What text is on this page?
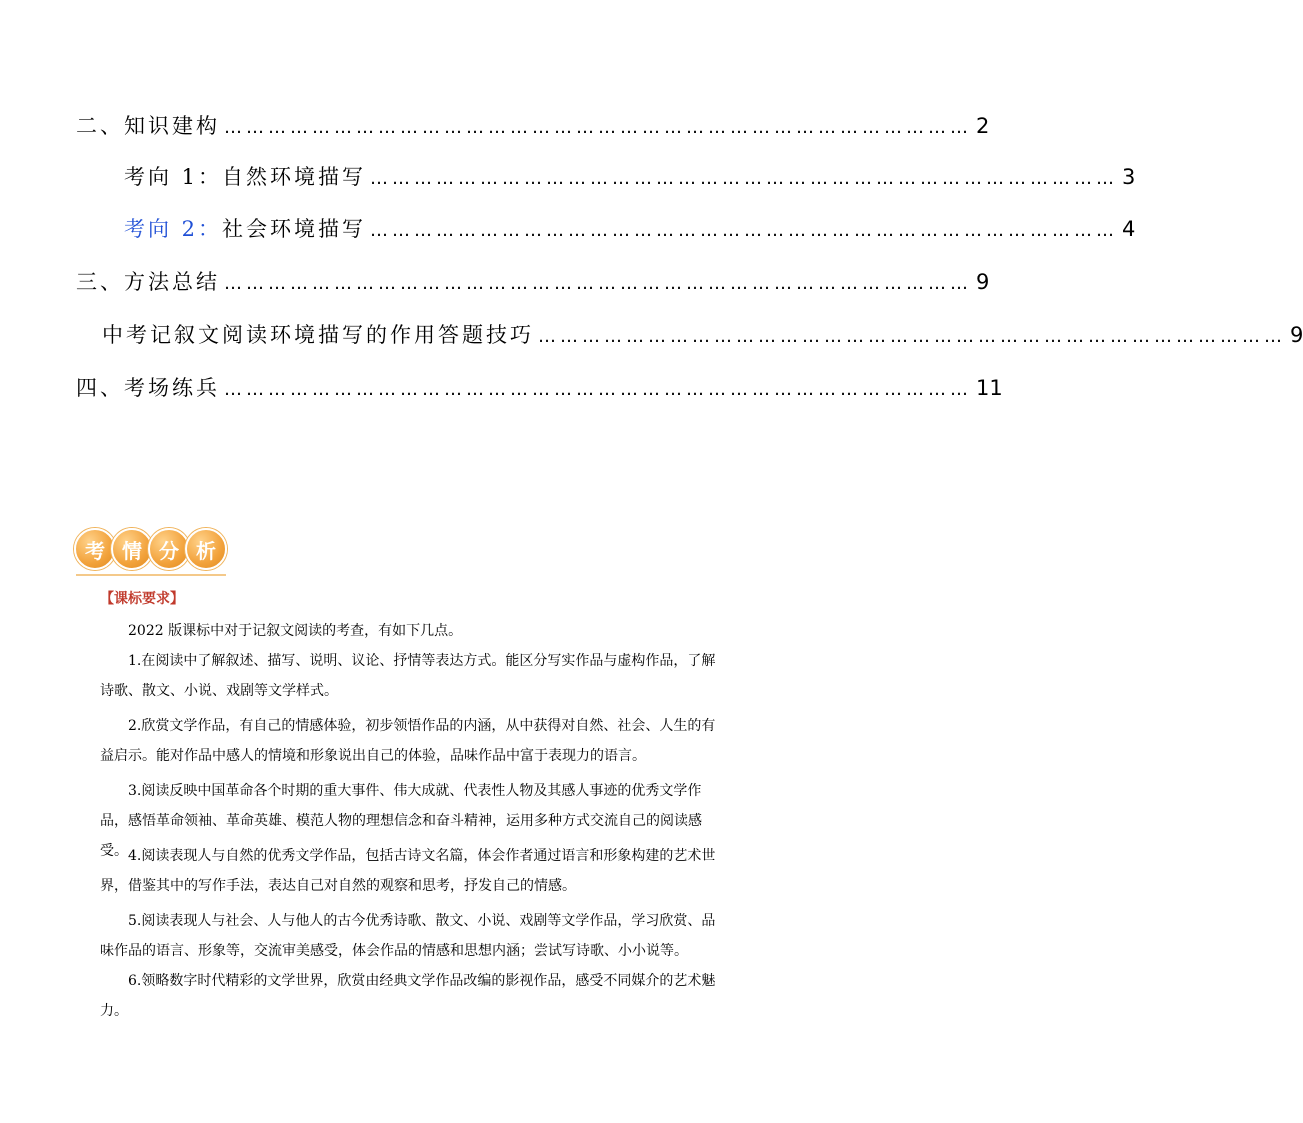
二、知识建构 ………………………………………………………………………………………… 2
考向 1：自然环境描写 ………………………………………………………………………………………… 3
考向 2：社会环境描写 ………………………………………………………………………………………… 4
三、方法总结 ………………………………………………………………………………………… 9
中考记叙文阅读环境描写的作用答题技巧 ………………………………………………………………………………………… 9
四、考场练兵 ………………………………………………………………………………………… 11
考 情 分 析
【课标要求】

2022 版课标中对于记叙文阅读的考查，有如下几点。

1.在阅读中了解叙述、描写、说明、议论、抒情等表达方式。能区分写实作品与虚构作品，了解诗歌、散文、小说、戏剧等文学样式。

2.欣赏文学作品，有自己的情感体验，初步领悟作品的内涵，从中获得对自然、社会、人生的有益启示。能对作品中感人的情境和形象说出自己的体验，品味作品中富于表现力的语言。

3.阅读反映中国革命各个时期的重大事件、伟大成就、代表性人物及其感人事迹的优秀文学作品，感悟革命领袖、革命英雄、模范人物的理想信念和奋斗精神，运用多种方式交流自己的阅读感受。 4.阅读表现人与自然的优秀文学作品，包括古诗文名篇，体会作者通过语言和形象构建的艺术世界，借鉴其中的写作手法，表达自己对自然的观察和思考，抒发自己的情感。

5.阅读表现人与社会、人与他人的古今优秀诗歌、散文、小说、戏剧等文学作品，学习欣赏、品味作品的语言、形象等，交流审美感受，体会作品的情感和思想内涵；尝试写诗歌、小小说等。

6.领略数字时代精彩的文学世界，欣赏由经典文学作品改编的影视作品，感受不同媒介的艺术魅力。
